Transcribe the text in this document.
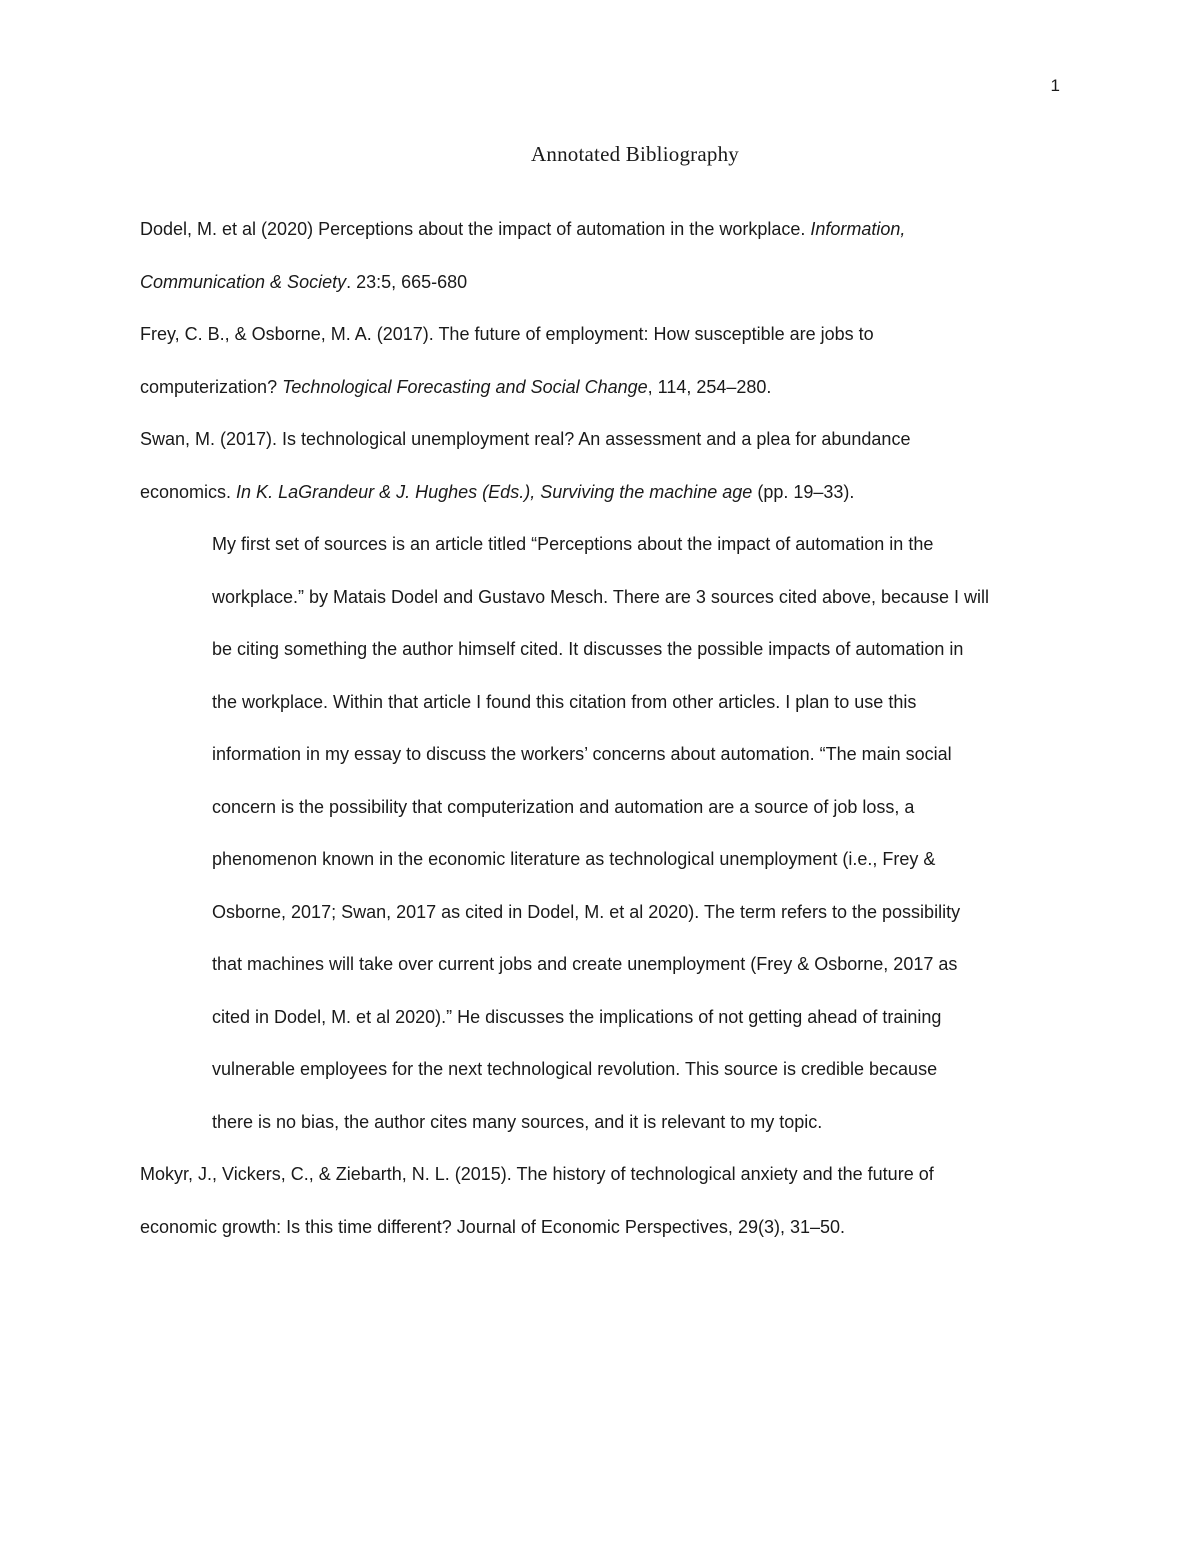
1
Annotated Bibliography

Dodel, M. et al (2020) Perceptions about the impact of automation in the workplace. Information,
Communication & Society. 23:5, 665-680

Frey, C. B., & Osborne, M. A. (2017). The future of employment: How susceptible are jobs to
computerization? Technological Forecasting and Social Change, 114, 254–280.

Swan, M. (2017). Is technological unemployment real? An assessment and a plea for abundance
economics. In K. LaGrandeur & J. Hughes (Eds.), Surviving the machine age (pp. 19–33).

My first set of sources is an article titled “Perceptions about the impact of automation in the
workplace.” by Matais Dodel and Gustavo Mesch. There are 3 sources cited above, because I will
be citing something the author himself cited. It discusses the possible impacts of automation in
the workplace. Within that article I found this citation from other articles. I plan to use this
information in my essay to discuss the workers’ concerns about automation. “The main social
concern is the possibility that computerization and automation are a source of job loss, a
phenomenon known in the economic literature as technological unemployment (i.e., Frey &
Osborne, 2017; Swan, 2017 as cited in Dodel, M. et al 2020). The term refers to the possibility
that machines will take over current jobs and create unemployment (Frey & Osborne, 2017 as
cited in Dodel, M. et al 2020).” He discusses the implications of not getting ahead of training
vulnerable employees for the next technological revolution. This source is credible because
there is no bias, the author cites many sources, and it is relevant to my topic.

Mokyr, J., Vickers, C., & Ziebarth, N. L. (2015). The history of technological anxiety and the future of
economic growth: Is this time different? Journal of Economic Perspectives, 29(3), 31–50.
